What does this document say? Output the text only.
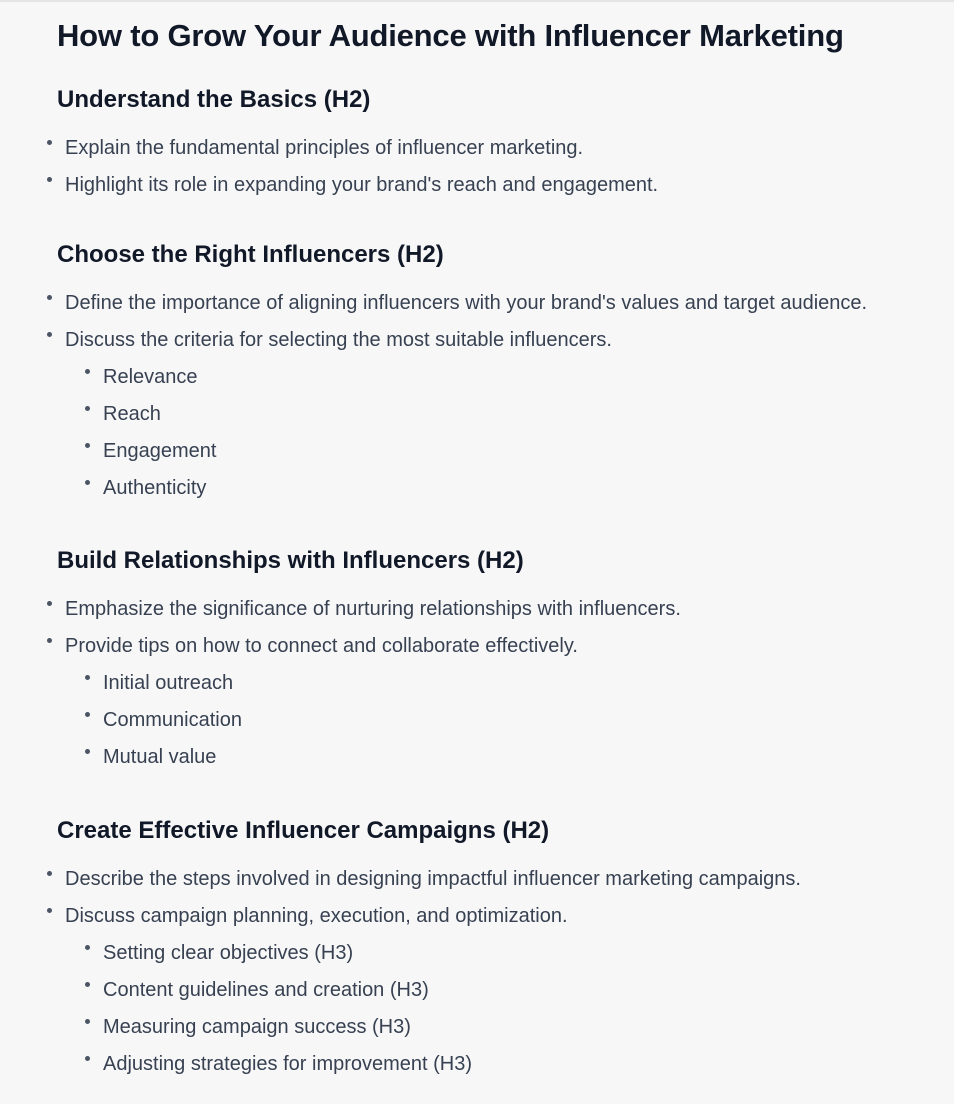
How to Grow Your Audience with Influencer Marketing
Understand the Basics (H2)
Explain the fundamental principles of influencer marketing.
Highlight its role in expanding your brand's reach and engagement.
Choose the Right Influencers (H2)
Define the importance of aligning influencers with your brand's values and target audience.
Discuss the criteria for selecting the most suitable influencers.
Relevance
Reach
Engagement
Authenticity
Build Relationships with Influencers (H2)
Emphasize the significance of nurturing relationships with influencers.
Provide tips on how to connect and collaborate effectively.
Initial outreach
Communication
Mutual value
Create Effective Influencer Campaigns (H2)
Describe the steps involved in designing impactful influencer marketing campaigns.
Discuss campaign planning, execution, and optimization.
Setting clear objectives (H3)
Content guidelines and creation (H3)
Measuring campaign success (H3)
Adjusting strategies for improvement (H3)
